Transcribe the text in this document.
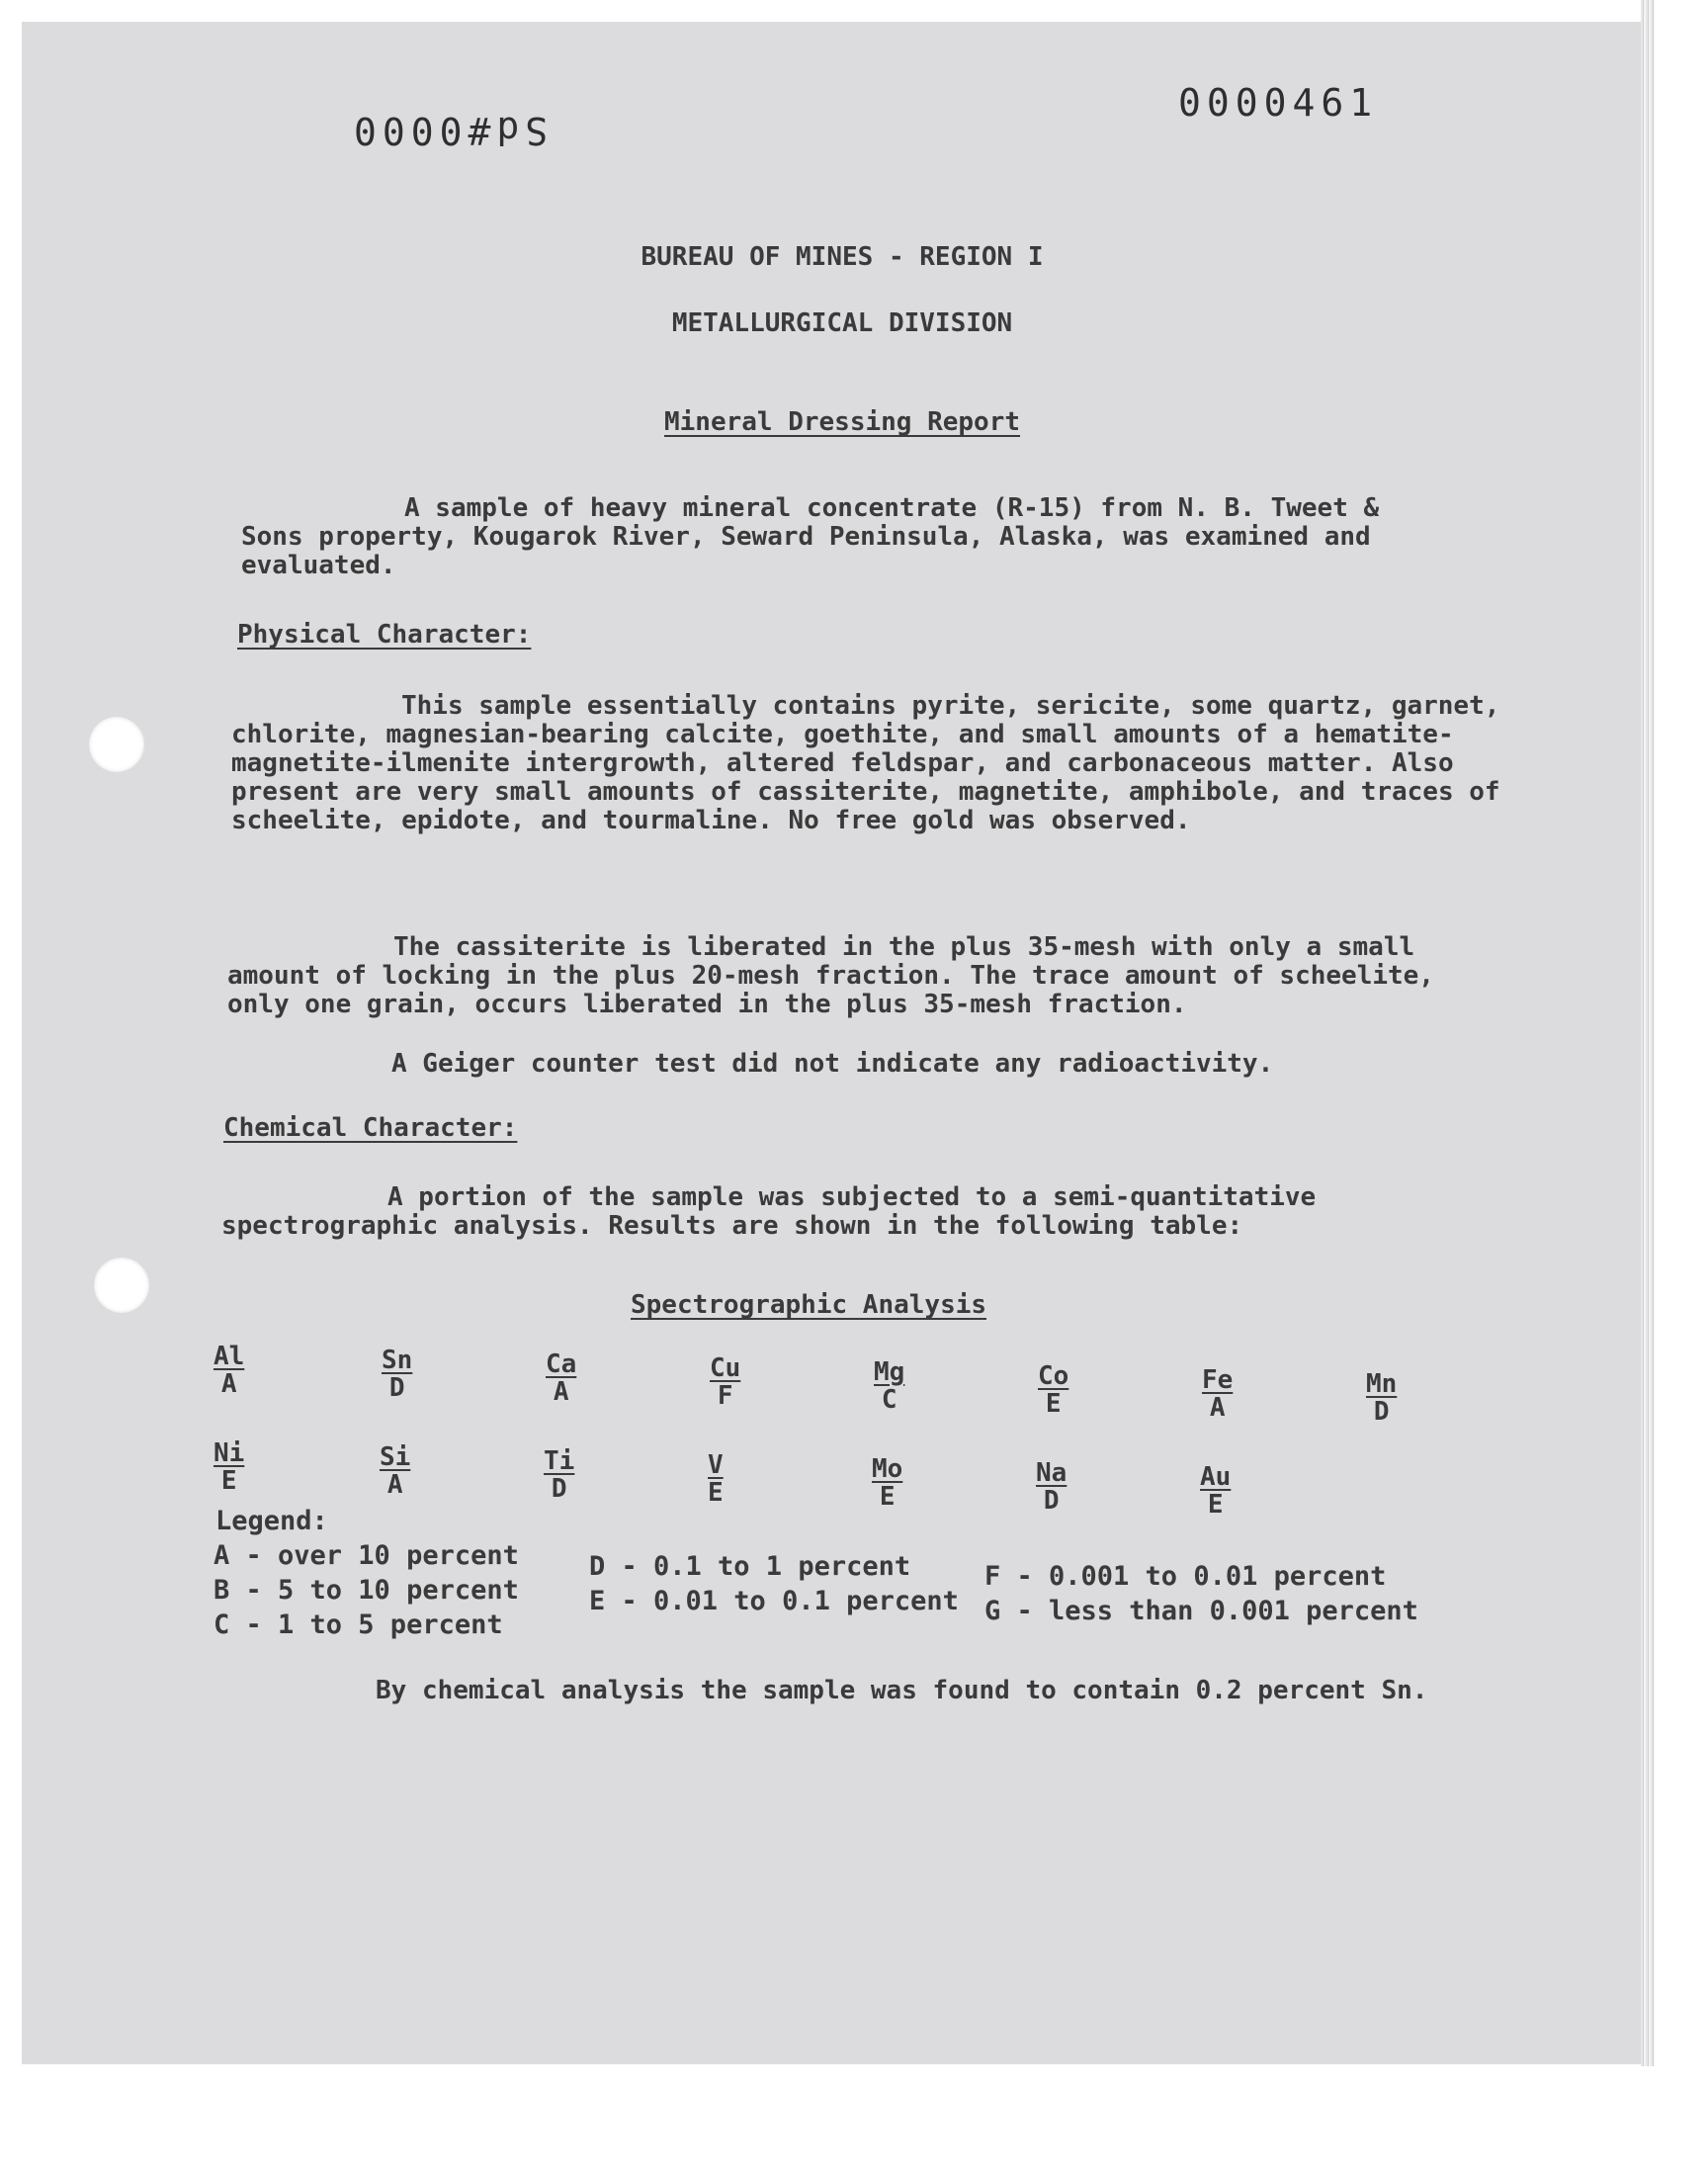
Sd#0000
0000461
BUREAU OF MINES - REGION I
METALLURGICAL DIVISION
Mineral Dressing Report
A sample of heavy mineral concentrate (R-15) from N. B. Tweet & Sons property, Kougarok River, Seward Peninsula, Alaska, was examined and evaluated.
Physical Character:
This sample essentially contains pyrite, sericite, some quartz, garnet, chlorite, magnesian-bearing calcite, goethite, and small amounts of a hematite-magnetite-ilmenite intergrowth, altered feldspar, and carbonaceous matter. Also present are very small amounts of cassiterite, magnetite, amphibole, and traces of scheelite, epidote, and tourmaline. No free gold was observed.
The cassiterite is liberated in the plus 35-mesh with only a small amount of locking in the plus 20-mesh fraction. The trace amount of scheelite, only one grain, occurs liberated in the plus 35-mesh fraction.
A Geiger counter test did not indicate any radioactivity.
Chemical Character:
A portion of the sample was subjected to a semi-quantitative spectrographic analysis. Results are shown in the following table:
Spectrographic Analysis
Al
A
Sn
D
Ca
A
Cu
F
Mg
C
Co
E
Fe
A
Mn
D
Ni
E
Si
A
Ti
D
V
E
Mo
E
Na
D
Au
E
Legend:
A - over 10 percent
B - 5 to 10 percent
C - 1 to 5 percent
D - 0.1 to 1 percent
E - 0.01 to 0.1 percent
F - 0.001 to 0.01 percent
G - less than 0.001 percent
By chemical analysis the sample was found to contain 0.2 percent Sn.
